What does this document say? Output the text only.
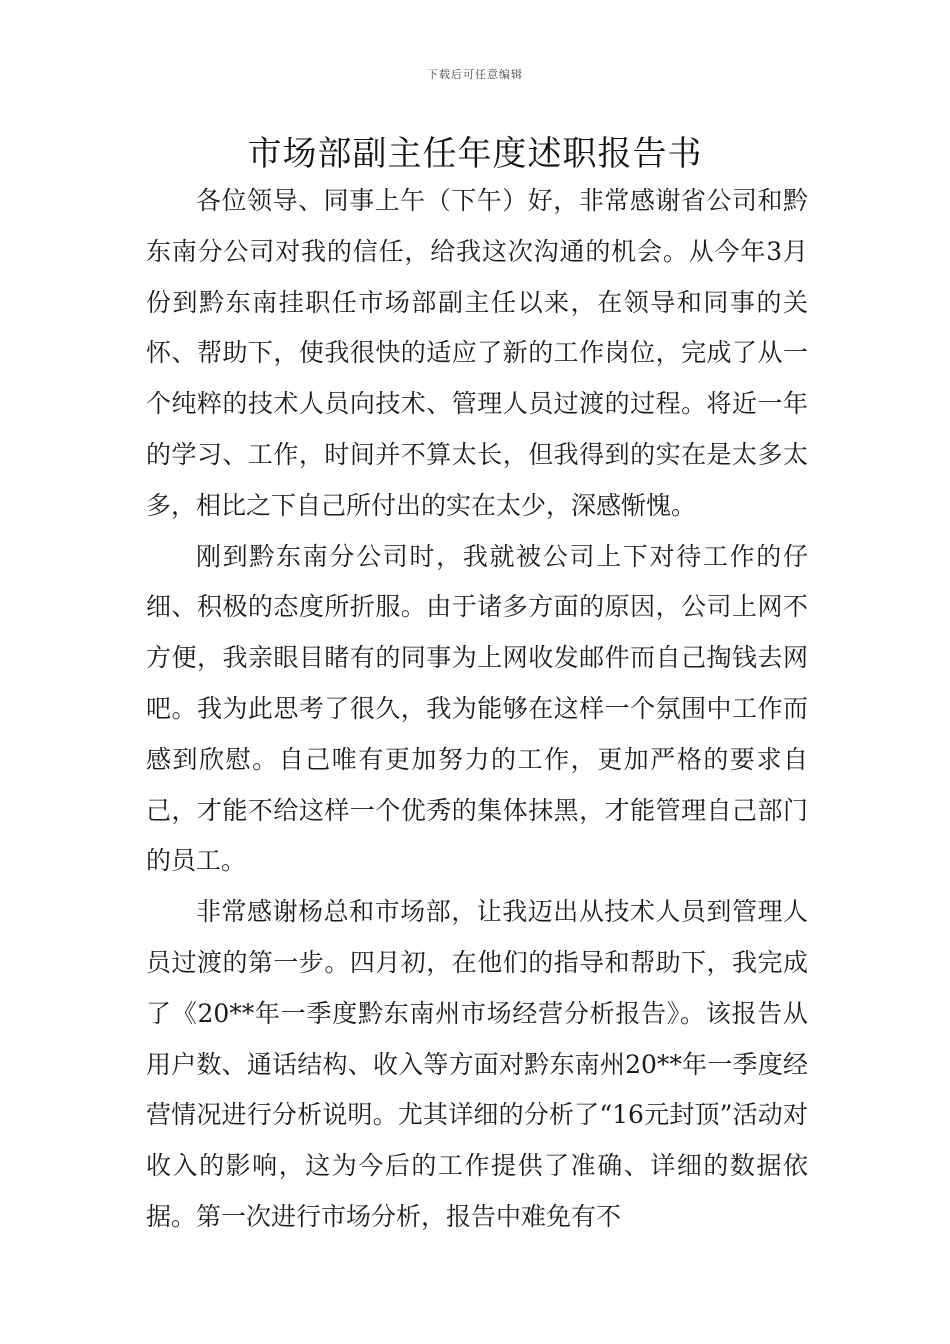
下载后可任意编辑
市场部副主任年度述职报告书

各位领导、同事上午（下午）好，非常感谢省公司和黔东南分公司对我的信任，给我这次沟通的机会。从今年3月份到黔东南挂职任市场部副主任以来，在领导和同事的关怀、帮助下，使我很快的适应了新的工作岗位，完成了从一个纯粹的技术人员向技术、管理人员过渡的过程。将近一年的学习、工作，时间并不算太长，但我得到的实在是太多太多，相比之下自己所付出的实在太少，深感惭愧。

刚到黔东南分公司时，我就被公司上下对待工作的仔细、积极的态度所折服。由于诸多方面的原因，公司上网不方便，我亲眼目睹有的同事为上网收发邮件而自己掏钱去网吧。我为此思考了很久，我为能够在这样一个氛围中工作而感到欣慰。自己唯有更加努力的工作，更加严格的要求自己，才能不给这样一个优秀的集体抹黑，才能管理自己部门的员工。

非常感谢杨总和市场部，让我迈出从技术人员到管理人员过渡的第一步。四月初，在他们的指导和帮助下，我完成了《20**年一季度黔东南州市场经营分析报告》。该报告从用户数、通话结构、收入等方面对黔东南州20**年一季度经营情况进行分析说明。尤其详细的分析了“16元封顶”活动对收入的影响，这为今后的工作提供了准确、详细的数据依据。第一次进行市场分析，报告中难免有不
